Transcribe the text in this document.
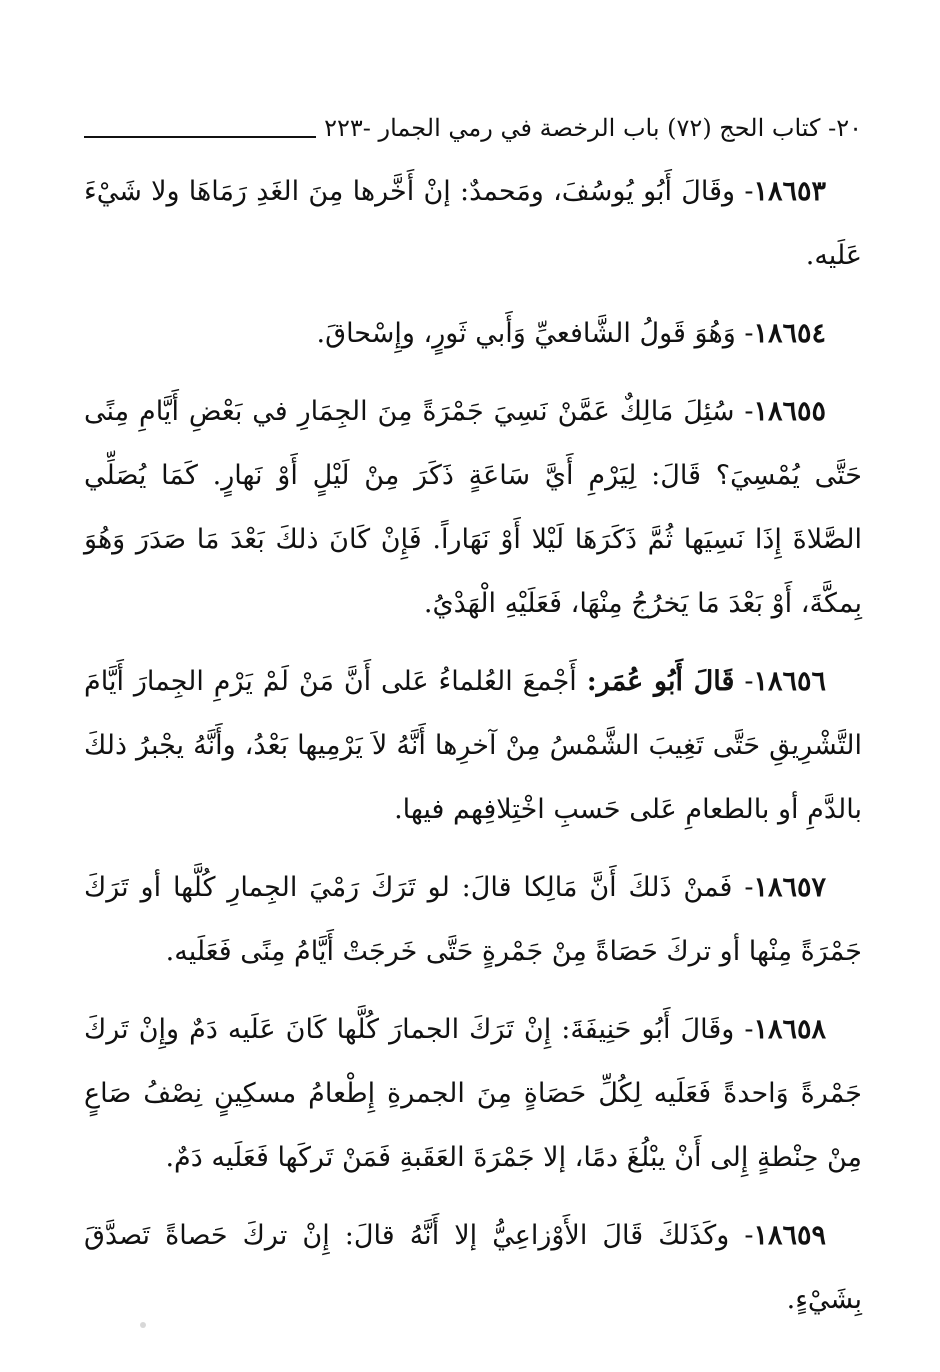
٢٠- كتاب الحج (٧٢) باب الرخصة في رمي الجمار -٢٢٣

١٨٦٥٣- وقَالَ أَبُو يُوسُفَ، ومَحمدٌ: إنْ أَخَّرها مِنَ الغَدِ رَمَاهَا ولا شَيْءَ عَلَيه.

١٨٦٥٤- وَهُوَ قَولُ الشَّافعيِّ وَأَبي ثَورٍ، وإِسْحاقَ.

١٨٦٥٥- سُئِلَ مَالِكٌ عَمَّنْ نَسِيَ جَمْرَةً مِنَ الجِمَارِ في بَعْضِ أَيَّامِ مِنًى حَتَّى يُمْسِيَ؟ قَالَ: لِيَرْمِ أَيَّ سَاعَةٍ ذَكَرَ مِنْ لَيْلٍ أَوْ نَهارٍ. كَمَا يُصَلِّي الصَّلاةَ إِذَا نَسِيَها ثُمَّ ذَكَرَهَا لَيْلا أَوْ نَهَاراً. فَإِنْ كَانَ ذلكَ بَعْدَ مَا صَدَرَ وَهُوَ بِمكَّةَ، أَوْ بَعْدَ مَا يَخرُجُ مِنْهَا، فَعَلَيْهِ الْهَدْيُ.

١٨٦٥٦- قَالَ أَبُو عُمَر: أَجْمعَ العُلماءُ عَلى أَنَّ مَنْ لَمْ يَرْمِ الجِمارَ أَيَّامَ التَّشْرِيقِ حَتَّى تَغِيبَ الشَّمْسُ مِنْ آخرِها أَنَّهُ لاَ يَرْمِيها بَعْدُ، وأَنَّهُ يجْبرُ ذلكَ بالدَّمِ أو بالطعامِ عَلى حَسبِ اخْتِلافِهم فيها.

١٨٦٥٧- فَمنْ ذَلكَ أَنَّ مَالِكا قالَ: لو تَرَكَ رَمْيَ الجِمارِ كُلَّها أو تَرَكَ جَمْرَةً مِنْها أو تركَ حَصَاةً مِنْ جَمْرةٍ حَتَّى خَرجَتْ أَيَّامُ مِنًى فَعَلَيه.

١٨٦٥٨- وقَالَ أَبُو حَنِيفَةَ: إِنْ تَرَكَ الجمارَ كُلَّها كَانَ عَلَيه دَمٌ وإِنْ تَركَ جَمْرةً وَاحدةً فَعَلَيه لِكُلِّ حَصَاةٍ مِنَ الجمرةِ إِطْعامُ مسكِينٍ نِصْفُ صَاعٍ مِنْ حِنْطةٍ إِلى أَنْ يبْلُغَ دمًا، إلا جَمْرَةَ العَقَبةِ فَمَنْ تَركَها فَعَلَيه دَمٌ.

١٨٦٥٩- وكَذَلكَ قَالَ الأَوْزاعِيُّ إلا أَنَّهُ قالَ: إِنْ تركَ حَصاةً تَصدَّقَ بِشَيْءٍ.
